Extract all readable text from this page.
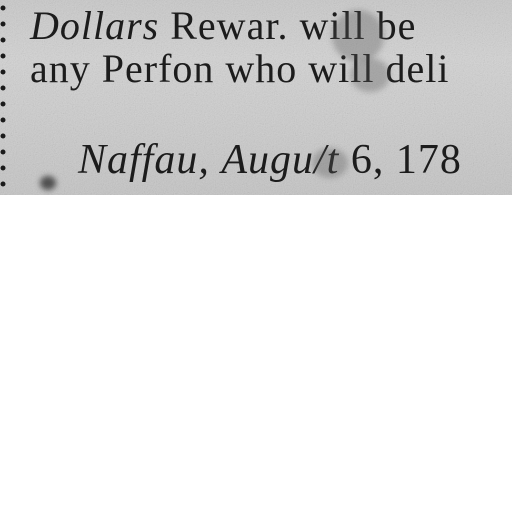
Dollars Rewar. will be
any Perfon who will deli
Naffau, Augu/t 6, 178
